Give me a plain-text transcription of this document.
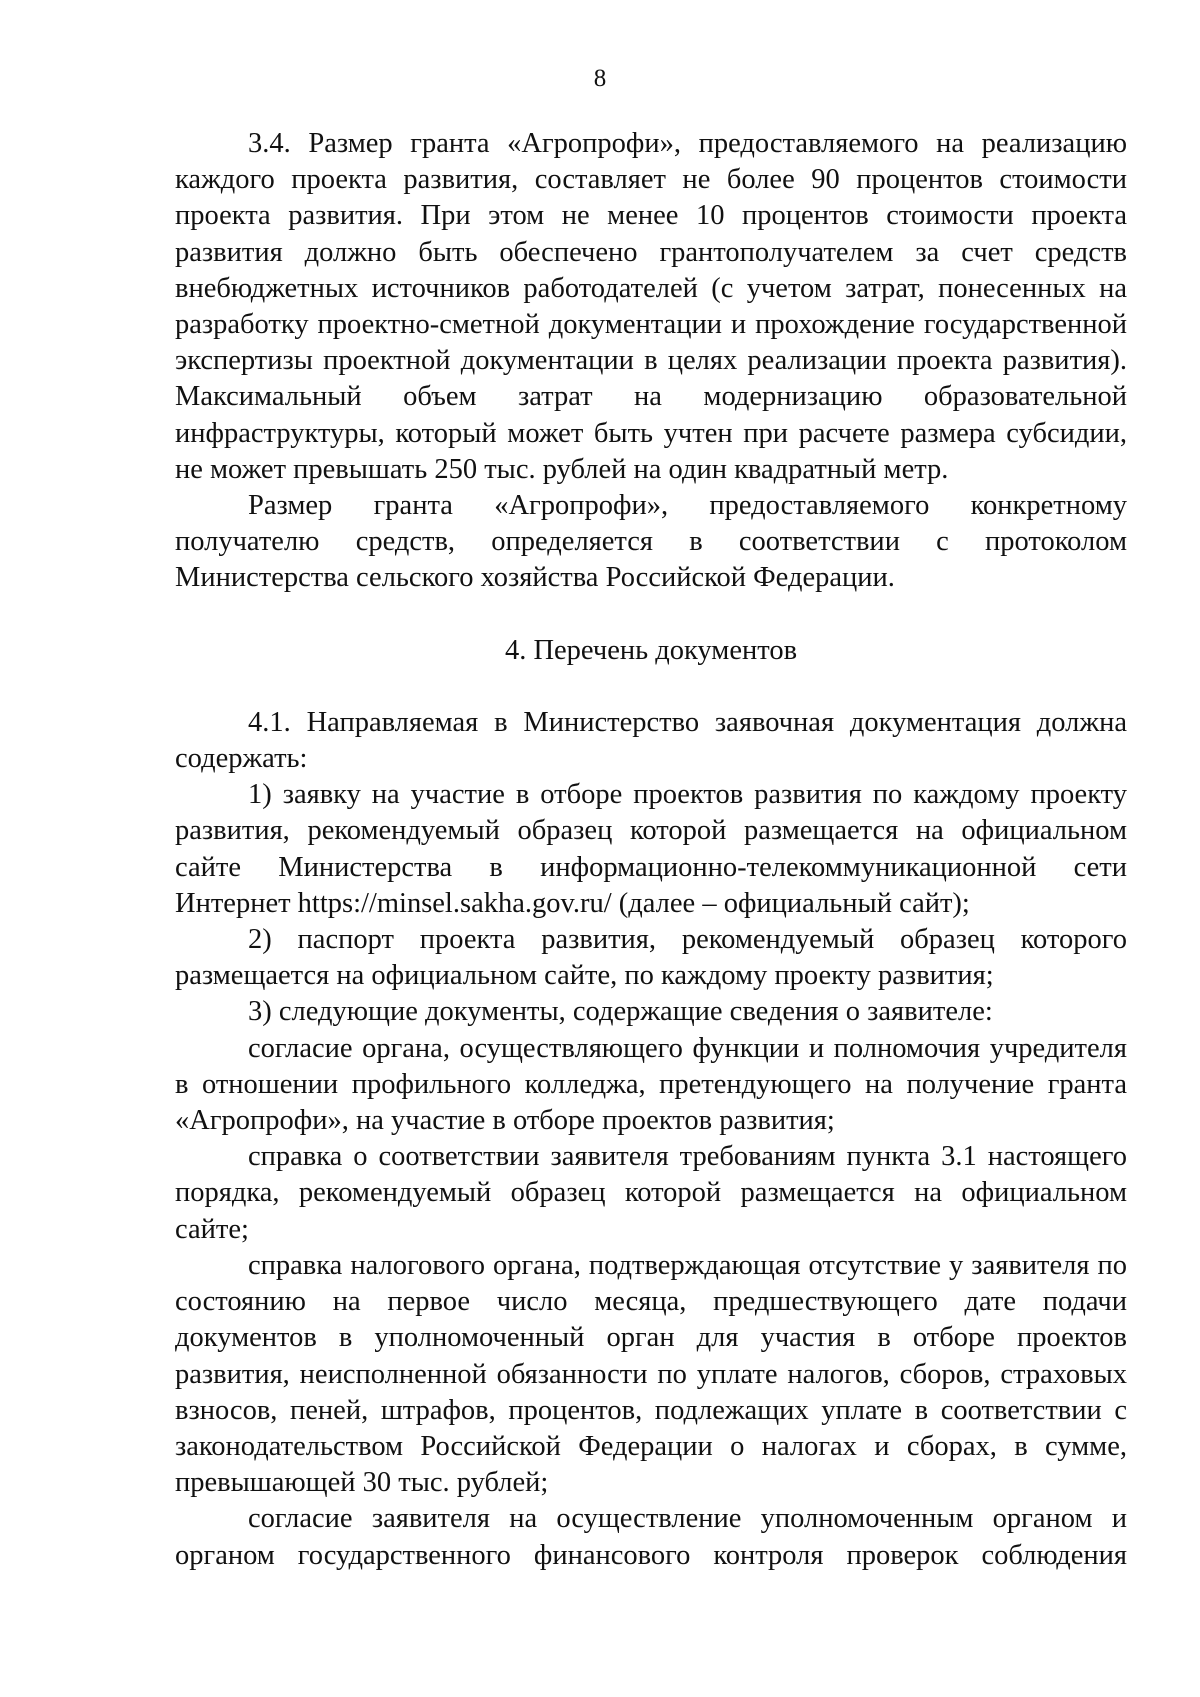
8

3.4. Размер гранта «Агропрофи», предоставляемого на реализацию каждого проекта развития, составляет не более 90 процентов стоимости проекта развития. При этом не менее 10 процентов стоимости проекта развития должно быть обеспечено грантополучателем за счет средств внебюджетных источников работодателей (с учетом затрат, понесенных на разработку проектно-сметной документации и прохождение государственной экспертизы проектной документации в целях реализации проекта развития). Максимальный объем затрат на модернизацию образовательной инфраструктуры, который может быть учтен при расчете размера субсидии, не может превышать 250 тыс. рублей на один квадратный метр.

Размер гранта «Агропрофи», предоставляемого конкретному получателю средств, определяется в соответствии с протоколом Министерства сельского хозяйства Российской Федерации.

4. Перечень документов

4.1. Направляемая в Министерство заявочная документация должна содержать:

1) заявку на участие в отборе проектов развития по каждому проекту развития, рекомендуемый образец которой размещается на официальном сайте Министерства в информационно-телекоммуникационной сети Интернет https://minsel.sakha.gov.ru/ (далее – официальный сайт);

2) паспорт проекта развития, рекомендуемый образец которого размещается на официальном сайте, по каждому проекту развития;

3) следующие документы, содержащие сведения о заявителе:

согласие органа, осуществляющего функции и полномочия учредителя в отношении профильного колледжа, претендующего на получение гранта «Агропрофи», на участие в отборе проектов развития;

справка о соответствии заявителя требованиям пункта 3.1 настоящего порядка, рекомендуемый образец которой размещается на официальном сайте;

справка налогового органа, подтверждающая отсутствие у заявителя по состоянию на первое число месяца, предшествующего дате подачи документов в уполномоченный орган для участия в отборе проектов развития, неисполненной обязанности по уплате налогов, сборов, страховых взносов, пеней, штрафов, процентов, подлежащих уплате в соответствии с законодательством Российской Федерации о налогах и сборах, в сумме, превышающей 30 тыс. рублей;

согласие заявителя на осуществление уполномоченным органом и органом государственного финансового контроля проверок соблюдения
